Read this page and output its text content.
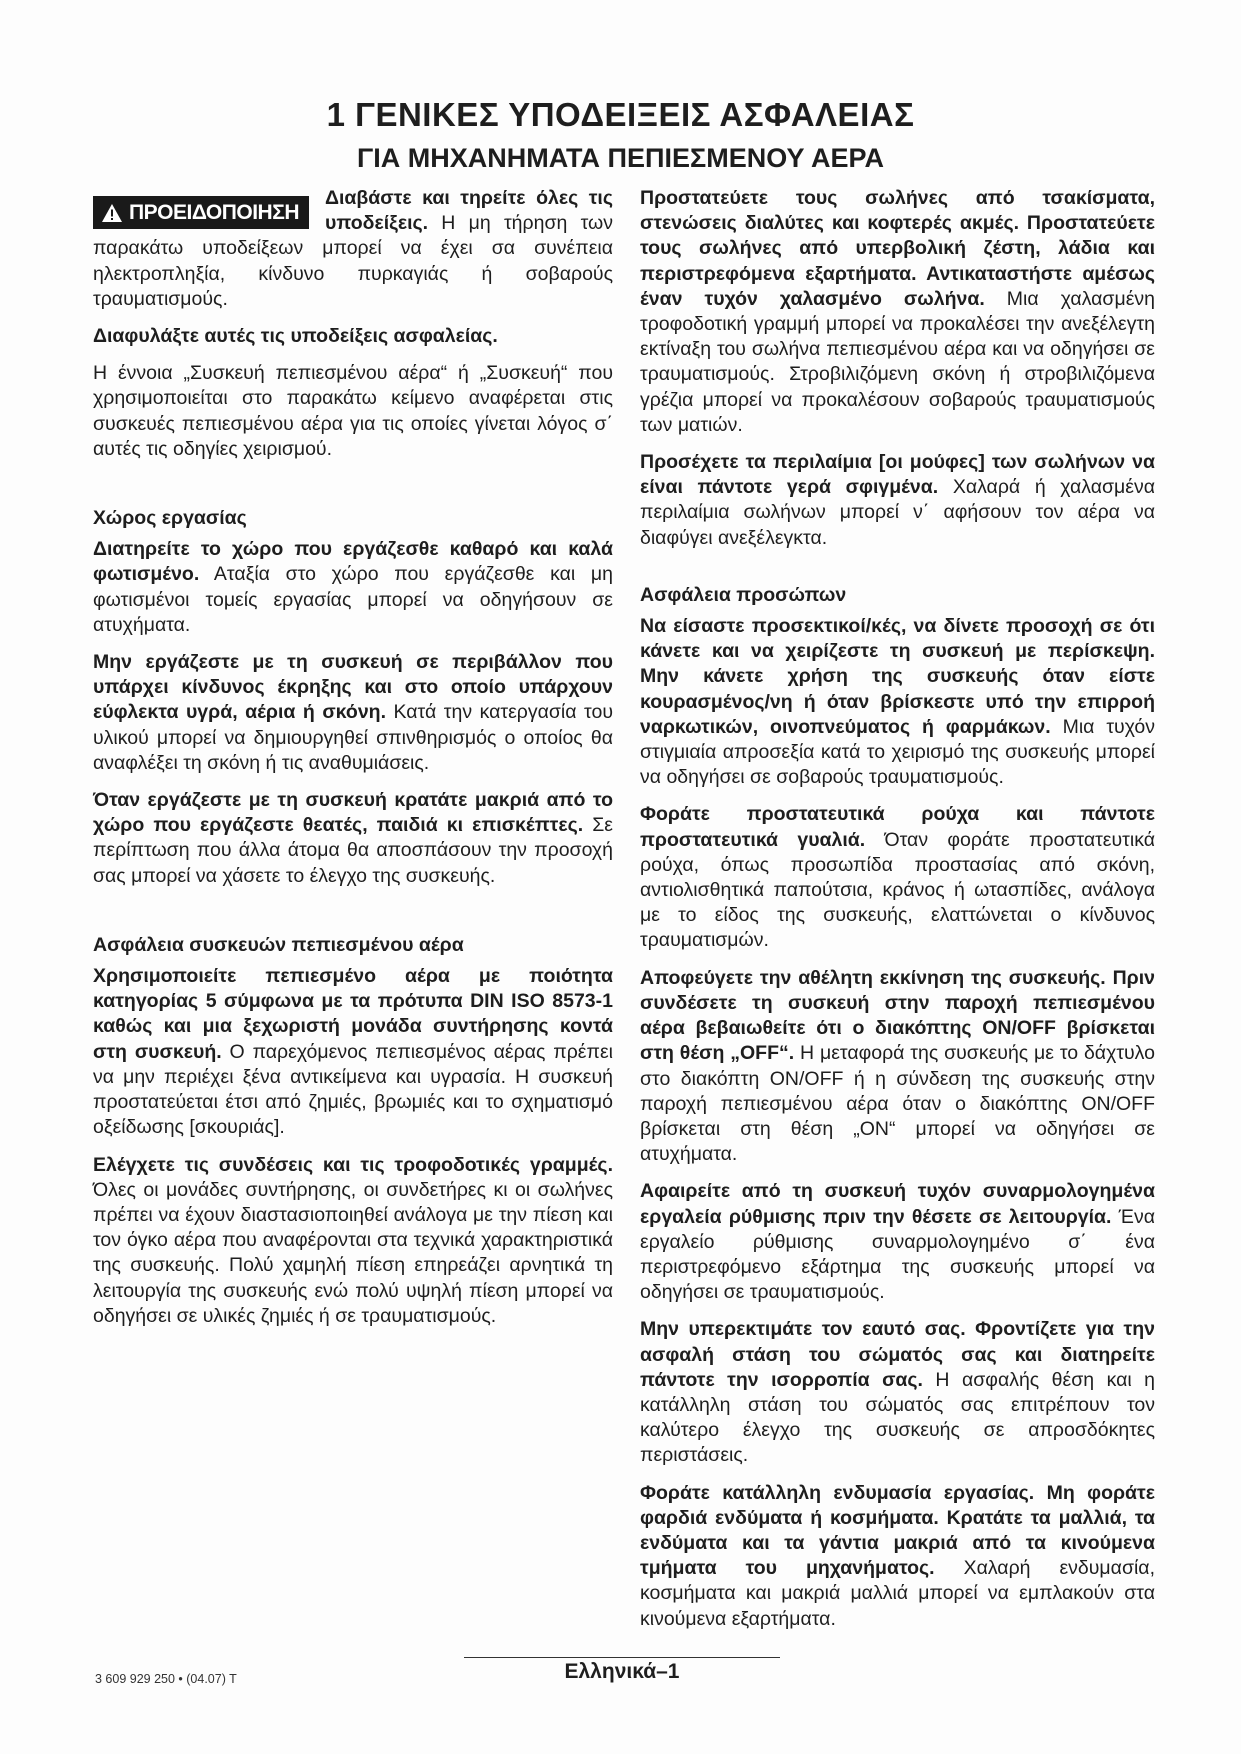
1 ΓΕΝΙΚΕΣ ΥΠΟΔΕΙΞΕΙΣ ΑΣΦΑΛΕΙΑΣ
ΓΙΑ ΜΗΧΑΝΗΜΑΤΑ ΠΕΠΙΕΣΜΕΝΟΥ ΑΕΡΑ
ΠΡΟΕΙΔΟΠΟΙΗΣΗ

Διαβάστε και τηρείτε όλες τις υποδείξεις. Η μη τήρηση των παρακάτω υποδείξεων μπορεί να έχει σα συνέπεια ηλεκτροπληξία, κίνδυνο πυρκαγιάς ή σοβαρούς τραυματισμούς.

Διαφυλάξτε αυτές τις υποδείξεις ασφαλείας.

Η έννοια „Συσκευή πεπιεσμένου αέρα“ ή „Συσκευή“ που χρησιμοποιείται στο παρακάτω κείμενο αναφέρεται στις συσκευές πεπιεσμένου αέρα για τις οποίες γίνεται λόγος σ΄ αυτές τις οδηγίες χειρισμού.

Χώρος εργασίας

Διατηρείτε το χώρο που εργάζεσθε καθαρό και καλά φωτισμένο. Αταξία στο χώρο που εργάζεσθε και μη φωτισμένοι τομείς εργασίας μπορεί να οδηγήσουν σε ατυχήματα.

Μην εργάζεστε με τη συσκευή σε περιβάλλον που υπάρχει κίνδυνος έκρηξης και στο οποίο υπάρχουν εύφλεκτα υγρά, αέρια ή σκόνη. Κατά την κατεργασία του υλικού μπορεί να δημιουργηθεί σπινθηρισμός ο οποίος θα αναφλέξει τη σκόνη ή τις αναθυμιάσεις.

Όταν εργάζεστε με τη συσκευή κρατάτε μακριά από το χώρο που εργάζεστε θεατές, παιδιά κι επισκέπτες. Σε περίπτωση που άλλα άτομα θα αποσπάσουν την προσοχή σας μπορεί να χάσετε το έλεγχο της συσκευής.

Ασφάλεια συσκευών πεπιεσμένου αέρα

Χρησιμοποιείτε πεπιεσμένο αέρα με ποιότητα κατηγορίας 5 σύμφωνα με τα πρότυπα DIN ISO 8573-1 καθώς και μια ξεχωριστή μονάδα συντήρησης κοντά στη συσκευή. Ο παρεχόμενος πεπιεσμένος αέρας πρέπει να μην περιέχει ξένα αντικείμενα και υγρασία. Η συσκευή προστατεύεται έτσι από ζημιές, βρωμιές και το σχηματισμό οξείδωσης [σκουριάς].

Ελέγχετε τις συνδέσεις και τις τροφοδοτικές γραμμές. Όλες οι μονάδες συντήρησης, οι συνδετήρες κι οι σωλήνες πρέπει να έχουν διαστασιοποιηθεί ανάλογα με την πίεση και τον όγκο αέρα που αναφέρονται στα τεχνικά χαρακτηριστικά της συσκευής. Πολύ χαμηλή πίεση επηρεάζει αρνητικά τη λειτουργία της συσκευής ενώ πολύ υψηλή πίεση μπορεί να οδηγήσει σε υλικές ζημιές ή σε τραυματισμούς.

Προστατεύετε τους σωλήνες από τσακίσματα, στενώσεις διαλύτες και κοφτερές ακμές. Προστατεύετε τους σωλήνες από υπερβολική ζέστη, λάδια και περιστρεφόμενα εξαρτήματα. Αντικαταστήστε αμέσως έναν τυχόν χαλασμένο σωλήνα. Μια χαλασμένη τροφοδοτική γραμμή μπορεί να προκαλέσει την ανεξέλεγτη εκτίναξη του σωλήνα πεπιεσμένου αέρα και να οδηγήσει σε τραυματισμούς. Στροβιλιζόμενη σκόνη ή στροβιλιζόμενα γρέζια μπορεί να προκαλέσουν σοβαρούς τραυματισμούς των ματιών.

Προσέχετε τα περιλαίμια [οι μούφες] των σωλήνων να είναι πάντοτε γερά σφιγμένα. Χαλαρά ή χαλασμένα περιλαίμια σωλήνων μπορεί ν΄ αφήσουν τον αέρα να διαφύγει ανεξέλεγκτα.

Ασφάλεια προσώπων

Να είσαστε προσεκτικοί/κές, να δίνετε προσοχή σε ότι κάνετε και να χειρίζεστε τη συσκευή με περίσκεψη. Μην κάνετε χρήση της συσκευής όταν είστε κουρασμένος/νη ή όταν βρίσκεστε υπό την επιρροή ναρκωτικών, οινοπνεύματος ή φαρμάκων. Μια τυχόν στιγμιαία απροσεξία κατά το χειρισμό της συσκευής μπορεί να οδηγήσει σε σοβαρούς τραυματισμούς.

Φοράτε προστατευτικά ρούχα και πάντοτε προστατευτικά γυαλιά. Όταν φοράτε προστατευτικά ρούχα, όπως προσωπίδα προστασίας από σκόνη, αντιολισθητικά παπούτσια, κράνος ή ωτασπίδες, ανάλογα με το είδος της συσκευής, ελαττώνεται ο κίνδυνος τραυματισμών.

Αποφεύγετε την αθέλητη εκκίνηση της συσκευής. Πριν συνδέσετε τη συσκευή στην παροχή πεπιεσμένου αέρα βεβαιωθείτε ότι ο διακόπτης ON/OFF βρίσκεται στη θέση „OFF“. Η μεταφορά της συσκευής με το δάχτυλο στο διακόπτη ON/OFF ή η σύνδεση της συσκευής στην παροχή πεπιεσμένου αέρα όταν ο διακόπτης ON/OFF βρίσκεται στη θέση „ON“ μπορεί να οδηγήσει σε ατυχήματα.

Αφαιρείτε από τη συσκευή τυχόν συναρμολογημένα εργαλεία ρύθμισης πριν την θέσετε σε λειτουργία. Ένα εργαλείο ρύθμισης συναρμολογημένο σ΄ ένα περιστρεφόμενο εξάρτημα της συσκευής μπορεί να οδηγήσει σε τραυματισμούς.

Μην υπερεκτιμάτε τον εαυτό σας. Φροντίζετε για την ασφαλή στάση του σώματός σας και διατηρείτε πάντοτε την ισορροπία σας. Η ασφαλής θέση και η κατάλληλη στάση του σώματός σας επιτρέπουν τον καλύτερο έλεγχο της συσκευής σε απροσδόκητες περιστάσεις.

Φοράτε κατάλληλη ενδυμασία εργασίας. Μη φοράτε φαρδιά ενδύματα ή κοσμήματα. Κρατάτε τα μαλλιά, τα ενδύματα και τα γάντια μακριά από τα κινούμενα τμήματα του μηχανήματος. Χαλαρή ενδυμασία, κοσμήματα και μακριά μαλλιά μπορεί να εμπλακούν στα κινούμενα εξαρτήματα.

Ελληνικά–1
3 609 929 250 • (04.07) T
